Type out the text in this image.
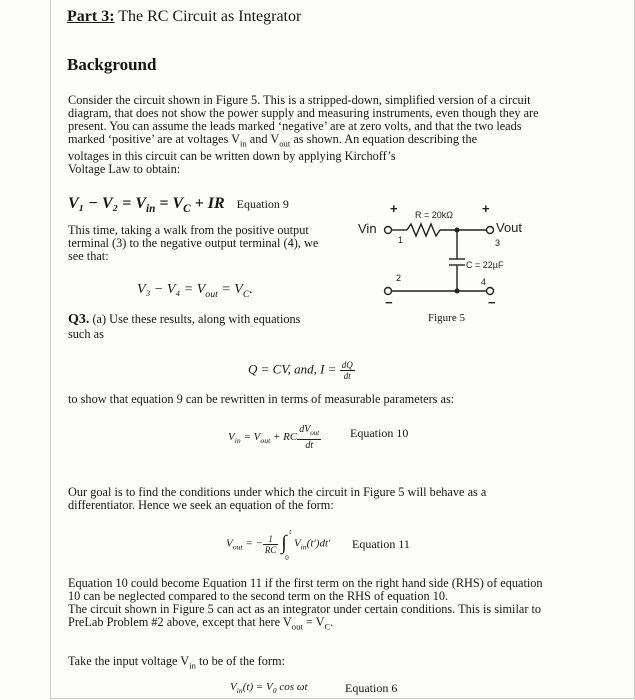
Part 3: The RC Circuit as Integrator
Background
Consider the circuit shown in Figure 5. This is a stripped-down, simplified version of a circuit
diagram, that does not show the power supply and measuring instruments, even though they are
present. You can assume the leads marked ‘negative’ are at zero volts, and that the two leads
marked ‘positive’ are at voltages $V_{in}$ and $V_{out}$ as shown. An equation describing the
voltages in this circuit can be written down by applying Kirchoff’s
Voltage Law to obtain:
$V_1 - V_2 = V_{in} = V_C$ + IR Equation 9
This time, taking a walk from the positive output
terminal (3) to the negative output terminal (4), we
see that:
$V_3 - V_4 = V_{out} = V_C$.
Q3. (a) Use these results, along with equations
such as
Q = CV, and, $I = \frac{dQ}{dt}$
to show that equation 9 can be rewritten in terms of measurable parameters as:
$V_{in} = V_{out}$ + RC $\frac{dV_{out}}{dt}$ Equation 10
Our goal is to find the conditions under which the circuit in Figure 5 will behave as a
differentiator. Hence we seek an equation of the form:
$V_{out}$ = − $\frac{1}{RC}$
∫ t
0
$V_{in}(t')dt'$ Equation 11
Equation 10 could become Equation 11 if the first term on the right hand side (RHS) of equation
10 can be neglected compared to the second term on the RHS of equation 10.
The circuit shown in Figure 5 can act as an integrator under certain conditions. This is similar to
PreLab Problem #2 above, except that here $V_{out} = V_C$.
Take the input voltage $V_{in}$ to be of the form:
$V_{in}(t) = V_0$ cos ωt	Equation 6
+	+
R = 20kΩ
Vin	Vout
1	3
C = 22µF
2	4
−	−
Figure 5
